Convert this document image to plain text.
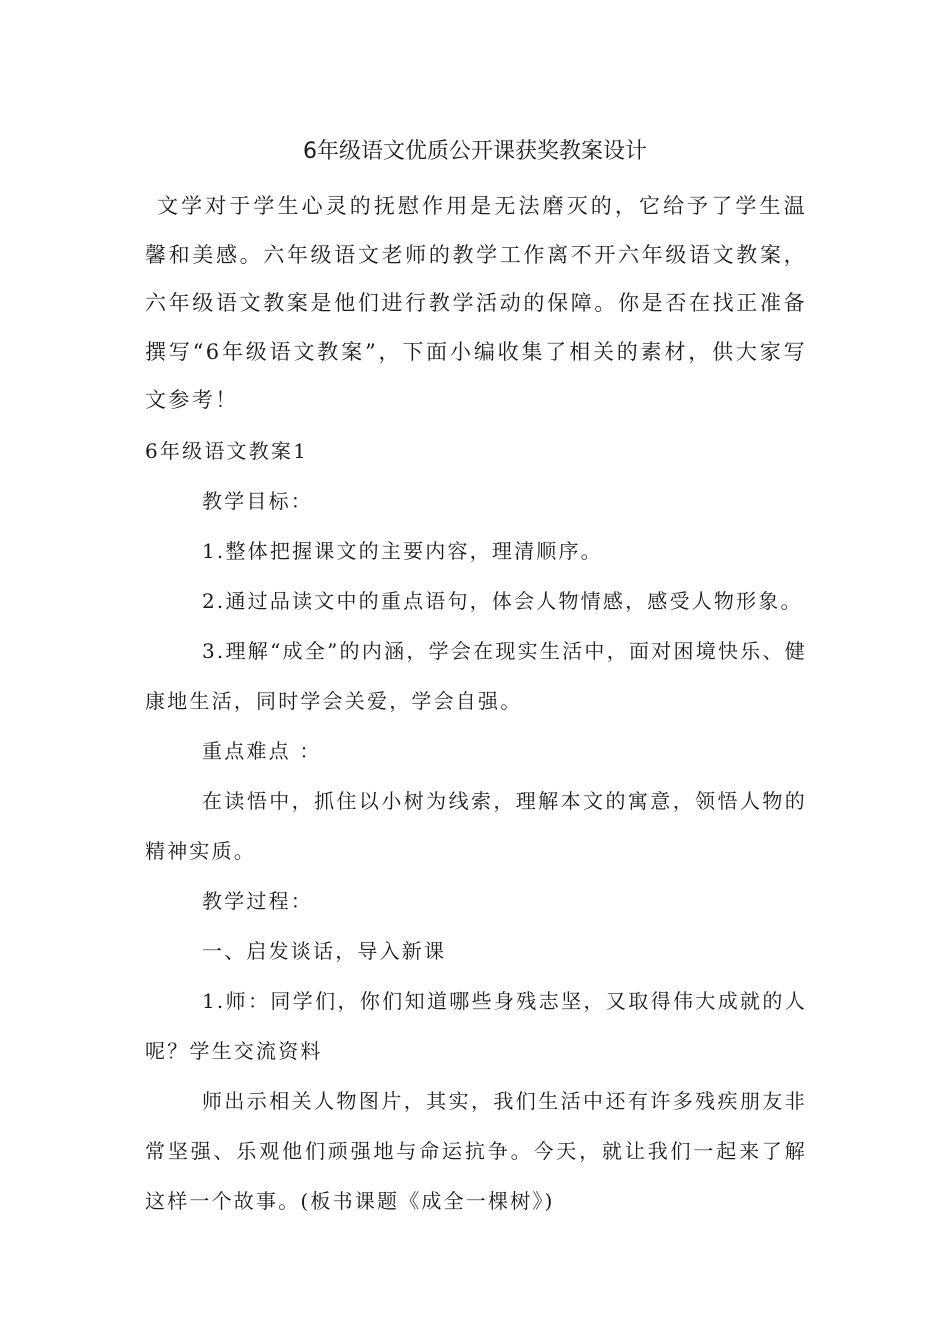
6年级语文优质公开课获奖教案设计

文学对于学生心灵的抚慰作用是无法磨灭的，它给予了学生温馨和美感。六年级语文老师的教学工作离不开六年级语文教案，六年级语文教案是他们进行教学活动的保障。你是否在找正准备撰写“6年级语文教案”，下面小编收集了相关的素材，供大家写文参考！

6年级语文教案1

教学目标：

1.整体把握课文的主要内容，理清顺序。

2.通过品读文中的重点语句，体会人物情感，感受人物形象。

3.理解“成全”的内涵，学会在现实生活中，面对困境快乐、健康地生活，同时学会关爱，学会自强。

重点难点 ：

在读悟中，抓住以小树为线索，理解本文的寓意，领悟人物的精神实质。

教学过程：

一、启发谈话，导入新课

1.师：同学们，你们知道哪些身残志坚，又取得伟大成就的人呢？学生交流资料

师出示相关人物图片，其实，我们生活中还有许多残疾朋友非常坚强、乐观他们顽强地与命运抗争。今天，就让我们一起来了解这样一个故事。(板书课题《成全一棵树》)
